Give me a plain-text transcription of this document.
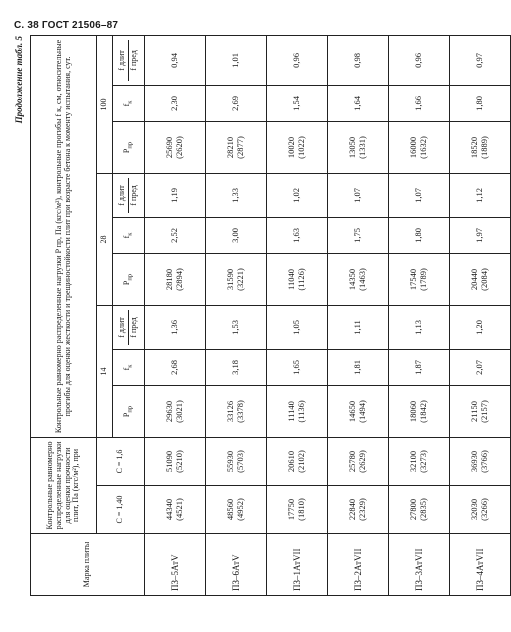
С. 38 ГОСТ 21506–87
Продолжение табл. 5
Марка плиты	Контрольные равномерно распределенные нагрузки для оценки прочности плит, Па (кгс/м²), при		Контрольные равномерно распределенные нагрузки P пр, Па (кгс/м²), контрольные прогибы f к, см, относительные прогибы для оценки жесткости и трещиностойкости плит при возрасте бетона к моменту испытания, сут.								
	C = 1,40	C = 1,6	14			28			100		
			$P_{пр}$	$f_к$	f длит f пред	$P_{пр}$	$f_к$	f длит f пред	$P_{пр}$	$f_к$	f длит f пред

ПЗ–5АтV	44340 (4521)	51090 (5210)	29630 (3021)	2,68	1,36	28180 (2894)	2,52	1,19	25690 (2620)	2,30	0,94
ПЗ–6АтV	48560 (4952)	55930 (5703)	33126 (3378)	3,18	1,53	31590 (3221)	3,00	1,33	28210 (2877)	2,69	1,01
ПЗ–1АтVII	17750 (1810)	20610 (2102)	11140 (1136)	1,65	1,05	11040 (1126)	1,63	1,02	10020 (1022)	1,54	0,96
ПЗ–2АтVII	22840 (2329)	25780 (2629)	14650 (1494)	1,81	1,11	14350 (1463)	1,75	1,07	13050 (1331)	1,64	0,98
ПЗ–3АтVII	27800 (2835)	32100 (3273)	18060 (1842)	1,87	1,13	17540 (1789)	1,80	1,07	16000 (1632)	1,66	0,96
ПЗ–4АтVII	32030 (3266)	36930 (3766)	21150 (2157)	2,07	1,20	20440 (2084)	1,97	1,12	18520 (1889)	1,80	0,97
